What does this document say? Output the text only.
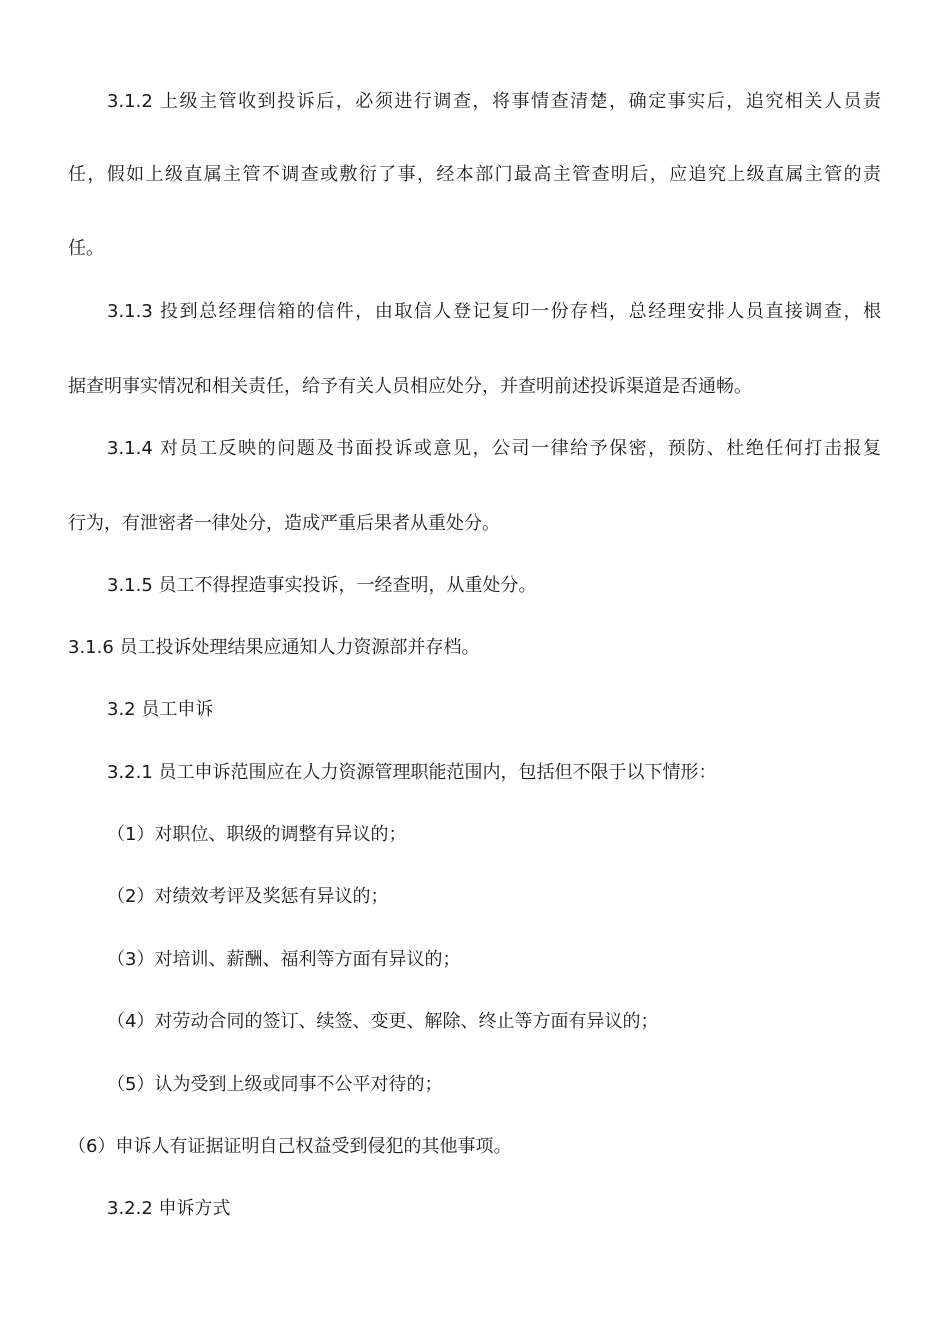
3.1.2 上级主管收到投诉后，必须进行调查，将事情查清楚，确定事实后，追究相关人员责
任，假如上级直属主管不调查或敷衍了事，经本部门最高主管查明后，应追究上级直属主管的责
任。
3.1.3 投到总经理信箱的信件，由取信人登记复印一份存档，总经理安排人员直接调查，根
据查明事实情况和相关责任，给予有关人员相应处分，并查明前述投诉渠道是否通畅。
3.1.4 对员工反映的问题及书面投诉或意见，公司一律给予保密，预防、杜绝任何打击报复
行为，有泄密者一律处分，造成严重后果者从重处分。
3.1.5 员工不得捏造事实投诉，一经查明，从重处分。
3.1.6 员工投诉处理结果应通知人力资源部并存档。
3.2 员工申诉
3.2.1 员工申诉范围应在人力资源管理职能范围内，包括但不限于以下情形：
（1）对职位、职级的调整有异议的；
（2）对绩效考评及奖惩有异议的；
（3）对培训、薪酬、福利等方面有异议的；
（4）对劳动合同的签订、续签、变更、解除、终止等方面有异议的；
（5）认为受到上级或同事不公平对待的；
（6）申诉人有证据证明自己权益受到侵犯的其他事项。
3.2.2 申诉方式
